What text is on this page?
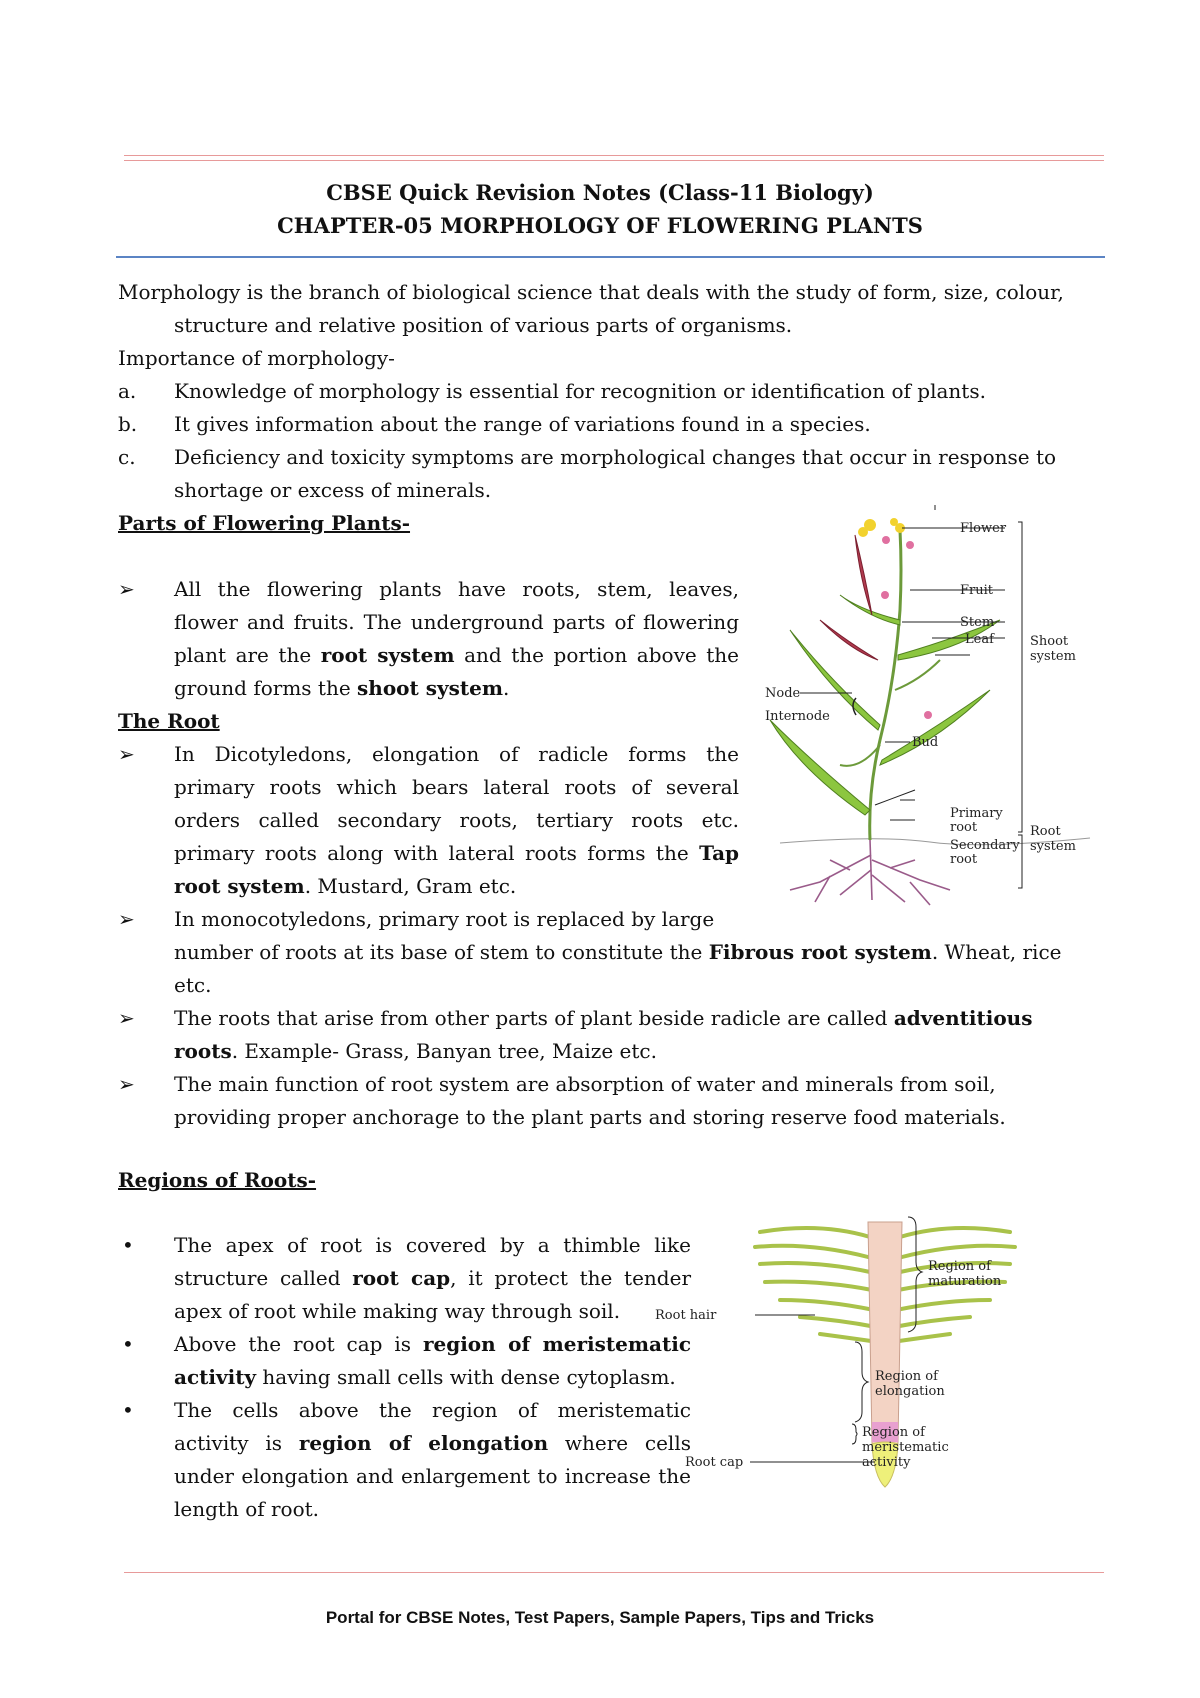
CBSE Quick Revision Notes (Class-11 Biology)
CHAPTER-05 MORPHOLOGY OF FLOWERING PLANTS
Morphology is the branch of biological science that deals with the study of form, size, colour,
structure and relative position of various parts of organisms.
Importance of morphology-
a. Knowledge of morphology is essential for recognition or identification of plants.
b. It gives information about the range of variations found in a species.
c. Deficiency and toxicity symptoms are morphological changes that occur in response to
shortage or excess of minerals.
Parts of Flowering Plants-
➢ All the flowering plants have roots, stem, leaves,
flower and fruits. The underground parts of flowering
plant are the root system and the portion above the
ground forms the shoot system.
The Root
➢ In Dicotyledons, elongation of radicle forms the
primary roots which bears lateral roots of several
orders called secondary roots, tertiary roots etc.
primary roots along with lateral roots forms the Tap
root system. Mustard, Gram etc.
➢ In monocotyledons, primary root is replaced by large
number of roots at its base of stem to constitute the Fibrous root system. Wheat, rice
etc.
➢ The roots that arise from other parts of plant beside radicle are called adventitious
roots. Example- Grass, Banyan tree, Maize etc.
➢ The main function of root system are absorption of water and minerals from soil,
providing proper anchorage to the plant parts and storing reserve food materials.
Regions of Roots-
• The apex of root is covered by a thimble like
structure called root cap, it protect the tender
apex of root while making way through soil.
• Above the root cap is region of meristematic
activity having small cells with dense cytoplasm.
• The cells above the region of meristematic
activity is region of elongation where cells
under elongation and enlargement to increase the
length of root.
Flower
Fruit
Stem
Leaf	Shoot
system
Node
Internode
Bud
Primary
root
Secondary
root
Root
system
Root hair
Root cap
Region of
maturation
Region of
elongation
Region of
meristematic
activity
Portal for CBSE Notes, Test Papers, Sample Papers, Tips and Tricks
